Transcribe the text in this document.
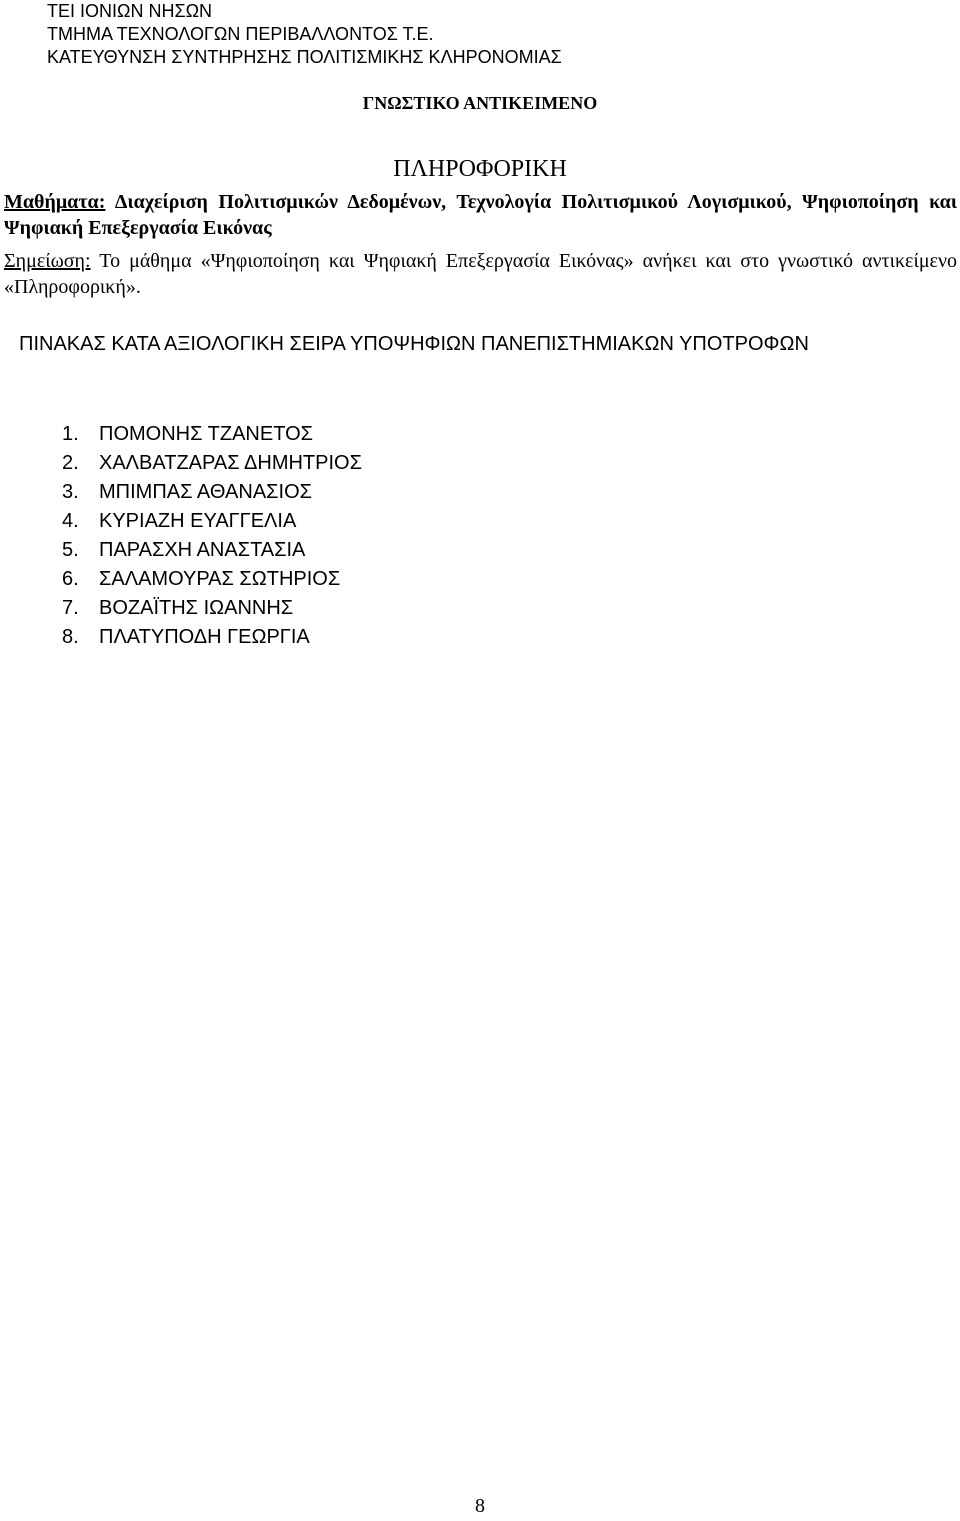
ΤΕΙ ΙΟΝΙΩΝ ΝΗΣΩΝ
ΤΜΗΜΑ ΤΕΧΝΟΛΟΓΩΝ ΠΕΡΙΒΑΛΛΟΝΤΟΣ Τ.Ε.
ΚΑΤΕΥΘΥΝΣΗ ΣΥΝΤΗΡΗΣΗΣ ΠΟΛΙΤΙΣΜΙΚΗΣ ΚΛΗΡΟΝΟΜΙΑΣ
ΓΝΩΣΤΙΚΟ ΑΝΤΙΚΕΙΜΕΝΟ
ΠΛΗΡΟΦΟΡΙΚΗ
Μαθήματα: Διαχείριση Πολιτισμικών Δεδομένων, Τεχνολογία Πολιτισμικού Λογισμικού, Ψηφιοποίηση και Ψηφιακή Επεξεργασία Εικόνας
Σημείωση: Το μάθημα «Ψηφιοποίηση και Ψηφιακή Επεξεργασία Εικόνας» ανήκει και στο γνωστικό αντικείμενο «Πληροφορική».
ΠΙΝΑΚΑΣ ΚΑΤΑ ΑΞΙΟΛΟΓΙΚΗ ΣΕΙΡΑ ΥΠΟΨΗΦΙΩΝ ΠΑΝΕΠΙΣΤΗΜΙΑΚΩΝ ΥΠΟΤΡΟΦΩΝ
1.	ΠΟΜΟΝΗΣ ΤΖΑΝΕΤΟΣ
2.	ΧΑΛΒΑΤΖΑΡΑΣ ΔΗΜΗΤΡΙΟΣ
3.	ΜΠΙΜΠΑΣ ΑΘΑΝΑΣΙΟΣ
4.	ΚΥΡΙΑΖΗ ΕΥΑΓΓΕΛΙΑ
5.	ΠΑΡΑΣΧΗ ΑΝΑΣΤΑΣΙΑ
6.	ΣΑΛΑΜΟΥΡΑΣ ΣΩΤΗΡΙΟΣ
7.	ΒΟΖΑΪΤΗΣ ΙΩΑΝΝΗΣ
8.	ΠΛΑΤΥΠΟΔΗ ΓΕΩΡΓΙΑ
8
